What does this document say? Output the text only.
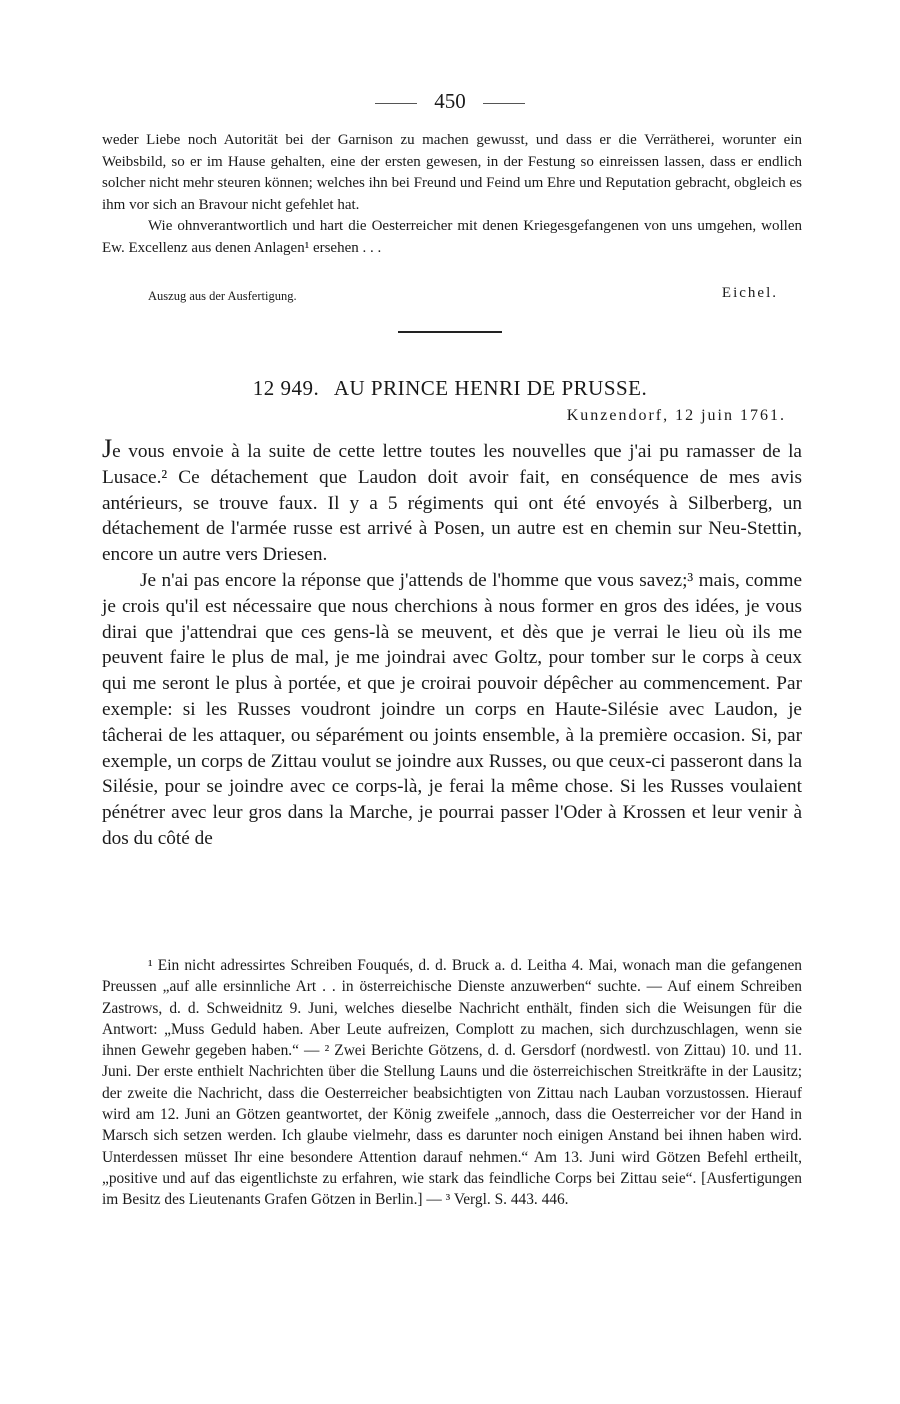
450

weder Liebe noch Autorität bei der Garnison zu machen gewusst, und dass er die Verrätherei, worunter ein Weibsbild, so er im Hause gehalten, eine der ersten gewesen, in der Festung so einreissen lassen, dass er endlich solcher nicht mehr steuren können; welches ihn bei Freund und Feind um Ehre und Reputation gebracht, obgleich es ihm vor sich an Bravour nicht gefehlet hat.

Wie ohnverantwortlich und hart die Oesterreicher mit denen Kriegesgefangenen von uns umgehen, wollen Ew. Excellenz aus denen Anlagen¹ ersehen . . .

Auszug aus der Ausfertigung.	Eichel.
12 949. AU PRINCE HENRI DE PRUSSE.
Kunzendorf, 12 juin 1761.

Je vous envoie à la suite de cette lettre toutes les nouvelles que j'ai pu ramasser de la Lusace.² Ce détachement que Laudon doit avoir fait, en conséquence de mes avis antérieurs, se trouve faux. Il y a 5 régiments qui ont été envoyés à Silberberg, un détachement de l'armée russe est arrivé à Posen, un autre est en chemin sur Neu-Stettin, encore un autre vers Driesen.

Je n'ai pas encore la réponse que j'attends de l'homme que vous savez;³ mais, comme je crois qu'il est nécessaire que nous cherchions à nous former en gros des idées, je vous dirai que j'attendrai que ces gens-là se meuvent, et dès que je verrai le lieu où ils me peuvent faire le plus de mal, je me joindrai avec Goltz, pour tomber sur le corps à ceux qui me seront le plus à portée, et que je croirai pouvoir dépêcher au commencement. Par exemple: si les Russes voudront joindre un corps en Haute-Silésie avec Laudon, je tâcherai de les attaquer, ou séparément ou joints ensemble, à la première occasion. Si, par exemple, un corps de Zittau voulut se joindre aux Russes, ou que ceux-ci passeront dans la Silésie, pour se joindre avec ce corps-là, je ferai la même chose. Si les Russes voulaient pénétrer avec leur gros dans la Marche, je pourrai passer l'Oder à Krossen et leur venir à dos du côté de

¹ Ein nicht adressirtes Schreiben Fouqués, d. d. Bruck a. d. Leitha 4. Mai, wonach man die gefangenen Preussen „auf alle ersinnliche Art . . in österreichische Dienste anzuwerben“ suchte. — Auf einem Schreiben Zastrows, d. d. Schweidnitz 9. Juni, welches dieselbe Nachricht enthält, finden sich die Weisungen für die Antwort: „Muss Geduld haben. Aber Leute aufreizen, Complott zu machen, sich durchzuschlagen, wenn sie ihnen Gewehr gegeben haben.“ — ² Zwei Berichte Götzens, d. d. Gersdorf (nordwestl. von Zittau) 10. und 11. Juni. Der erste enthielt Nachrichten über die Stellung Launs und die österreichischen Streitkräfte in der Lausitz; der zweite die Nachricht, dass die Oesterreicher beabsichtigten von Zittau nach Lauban vorzustossen. Hierauf wird am 12. Juni an Götzen geantwortet, der König zweifele „annoch, dass die Oesterreicher vor der Hand in Marsch sich setzen werden. Ich glaube vielmehr, dass es darunter noch einigen Anstand bei ihnen haben wird. Unterdessen müsset Ihr eine besondere Attention darauf nehmen.“ Am 13. Juni wird Götzen Befehl ertheilt, „positive und auf das eigentlichste zu erfahren, wie stark das feindliche Corps bei Zittau seie“. [Ausfertigungen im Besitz des Lieutenants Grafen Götzen in Berlin.] — ³ Vergl. S. 443. 446.
